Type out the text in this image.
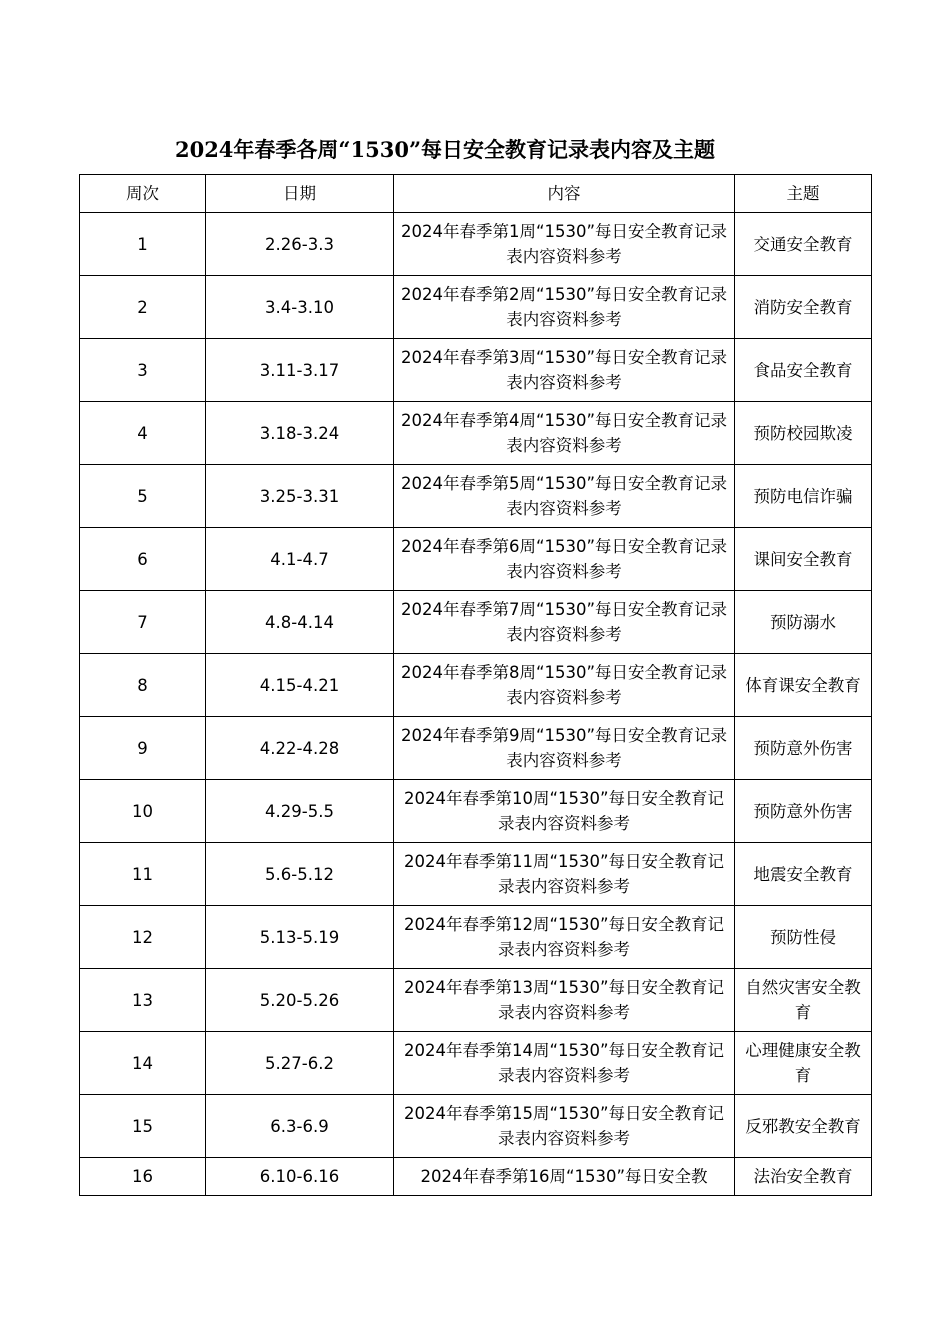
2024年春季各周“1530”每日安全教育记录表内容及主题
周次	日期	内容	主题
1	2.26-3.3	2024年春季第1周“1530”每日安全教育记录表内容资料参考	交通安全教育
2	3.4-3.10	2024年春季第2周“1530”每日安全教育记录表内容资料参考	消防安全教育
3	3.11-3.17	2024年春季第3周“1530”每日安全教育记录表内容资料参考	食品安全教育
4	3.18-3.24	2024年春季第4周“1530”每日安全教育记录表内容资料参考	预防校园欺凌
5	3.25-3.31	2024年春季第5周“1530”每日安全教育记录表内容资料参考	预防电信诈骗
6	4.1-4.7	2024年春季第6周“1530”每日安全教育记录表内容资料参考	课间安全教育
7	4.8-4.14	2024年春季第7周“1530”每日安全教育记录表内容资料参考	预防溺水
8	4.15-4.21	2024年春季第8周“1530”每日安全教育记录表内容资料参考	体育课安全教育
9	4.22-4.28	2024年春季第9周“1530”每日安全教育记录表内容资料参考	预防意外伤害
10	4.29-5.5	2024年春季第10周“1530”每日安全教育记录表内容资料参考	预防意外伤害
11	5.6-5.12	2024年春季第11周“1530”每日安全教育记录表内容资料参考	地震安全教育
12	5.13-5.19	2024年春季第12周“1530”每日安全教育记录表内容资料参考	预防性侵
13	5.20-5.26	2024年春季第13周“1530”每日安全教育记录表内容资料参考	自然灾害安全教育
14	5.27-6.2	2024年春季第14周“1530”每日安全教育记录表内容资料参考	心理健康安全教育
15	6.3-6.9	2024年春季第15周“1530”每日安全教育记录表内容资料参考	反邪教安全教育
16	6.10-6.16	2024年春季第16周“1530”每日安全教	法治安全教育
